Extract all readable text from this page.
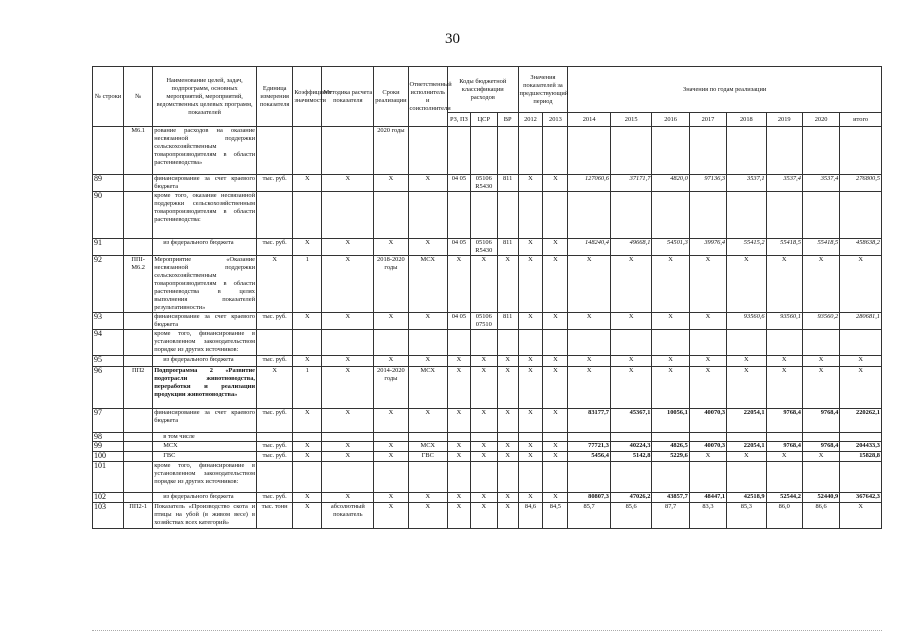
30
№ строки	№	Наименование целей, задач, подпрограмм, основных мероприятий, мероприятий, ведомственных целевых программ, показателей	Единица измерения показателя	Коэффициент значимости	Методика расчета показателя	Сроки реализации	Ответственный исполнитель и соисполнители	Коды бюджетной классификации расходов			Значения показателей за предшествующий период		Значения по годам реализации							
								РЗ, ПЗ	ЦСР	ВР	2012	2013	2014	2015	2016	2017	2018	2019	2020	итого
	М6.1	рование расходов на оказание несвязанной поддержки сельскохозяйственным товаропроизводителям в области растениеводства»				2020 годы														
89		финансирование за счет краевого бюджета	тыс. руб.	Х	Х	Х	Х	04 05	05106 R5430	811	Х	Х	127060,6	37171,7	4820,0	97136,3	3537,1	3537,4	3537,4	276800,5
90		кроме того, оказание несвязанной поддержки сельскохозяйственным товаропроизводителям в области растениеводства:																		
91		из федерального бюджета	тыс. руб.	Х	Х	Х	Х	04 05	05106 R5430	811	Х	Х	148240,4	49668,1	54501,3	39976,4	55415,2	55418,5	55418,5	458638,2
92	ППI-М6.2	Мероприятие «Оказание несвязанной поддержки сельскохозяйственным товаропроизводителям в области растениеводства в целях выполнения показателей результативности»	Х	1	Х	2018-2020 годы	МСХ	Х	Х	Х	Х	Х	Х	Х	Х	Х	Х	Х	Х	Х
93		финансирование за счет краевого бюджета	тыс. руб.	Х	Х	Х	Х	04 05	05106 07510	811	Х	Х	Х	Х	Х	Х	93560,6	93560,1	93560,2	280681,1
94		кроме того, финансирование в установленном законодательством порядке из других источников:																		
95		из федерального бюджета	тыс. руб.	Х	Х	Х	Х	Х	Х	Х	Х	Х	Х	Х	Х	Х	Х	Х	Х	Х
96	ПП2	Подпрограмма 2 «Развитие подотрасли животноводства, переработки и реализации продукции животноводства»	Х	1	Х	2014-2020 годы	МСХ	Х	Х	Х	Х	Х	Х	Х	Х	Х	Х	Х	Х	Х
97		финансирование за счет краевого бюджета	тыс. руб.	Х	Х	Х	Х	Х	Х	Х	Х	Х	83177,7	45367,1	10056,1	40070,3	22054,1	9768,4	9768,4	220262,1
98		в том числе																		
99		МСХ	тыс. руб.	Х	Х	Х	МСХ	Х	Х	Х	Х	Х	77721,3	40224,3	4826,5	40070,3	22054,1	9768,4	9768,4	204433,3
100		ГВС	тыс. руб.	Х	Х	Х	ГВС	Х	Х	Х	Х	Х	5456,4	5142,8	5229,6	Х	Х	Х	Х	15828,8
101		кроме того, финансирование в установленном законодательством порядке из других источников:																		
102		из федерального бюджета	тыс. руб.	Х	Х	Х	Х	Х	Х	Х	Х	Х	80807,3	47026,2	43857,7	48447,1	42518,9	52544,2	52440,9	367642,3
103	ПП2-1	Показатель «Производство скота и птицы на убой (в живом весе) в хозяйствах всех категорий»	тыс. тонн	Х	абсолютный показатель	Х	Х	Х	Х	Х	84,6	84,5	85,7	85,6	87,7	83,3	85,3	86,0	86,6	Х
